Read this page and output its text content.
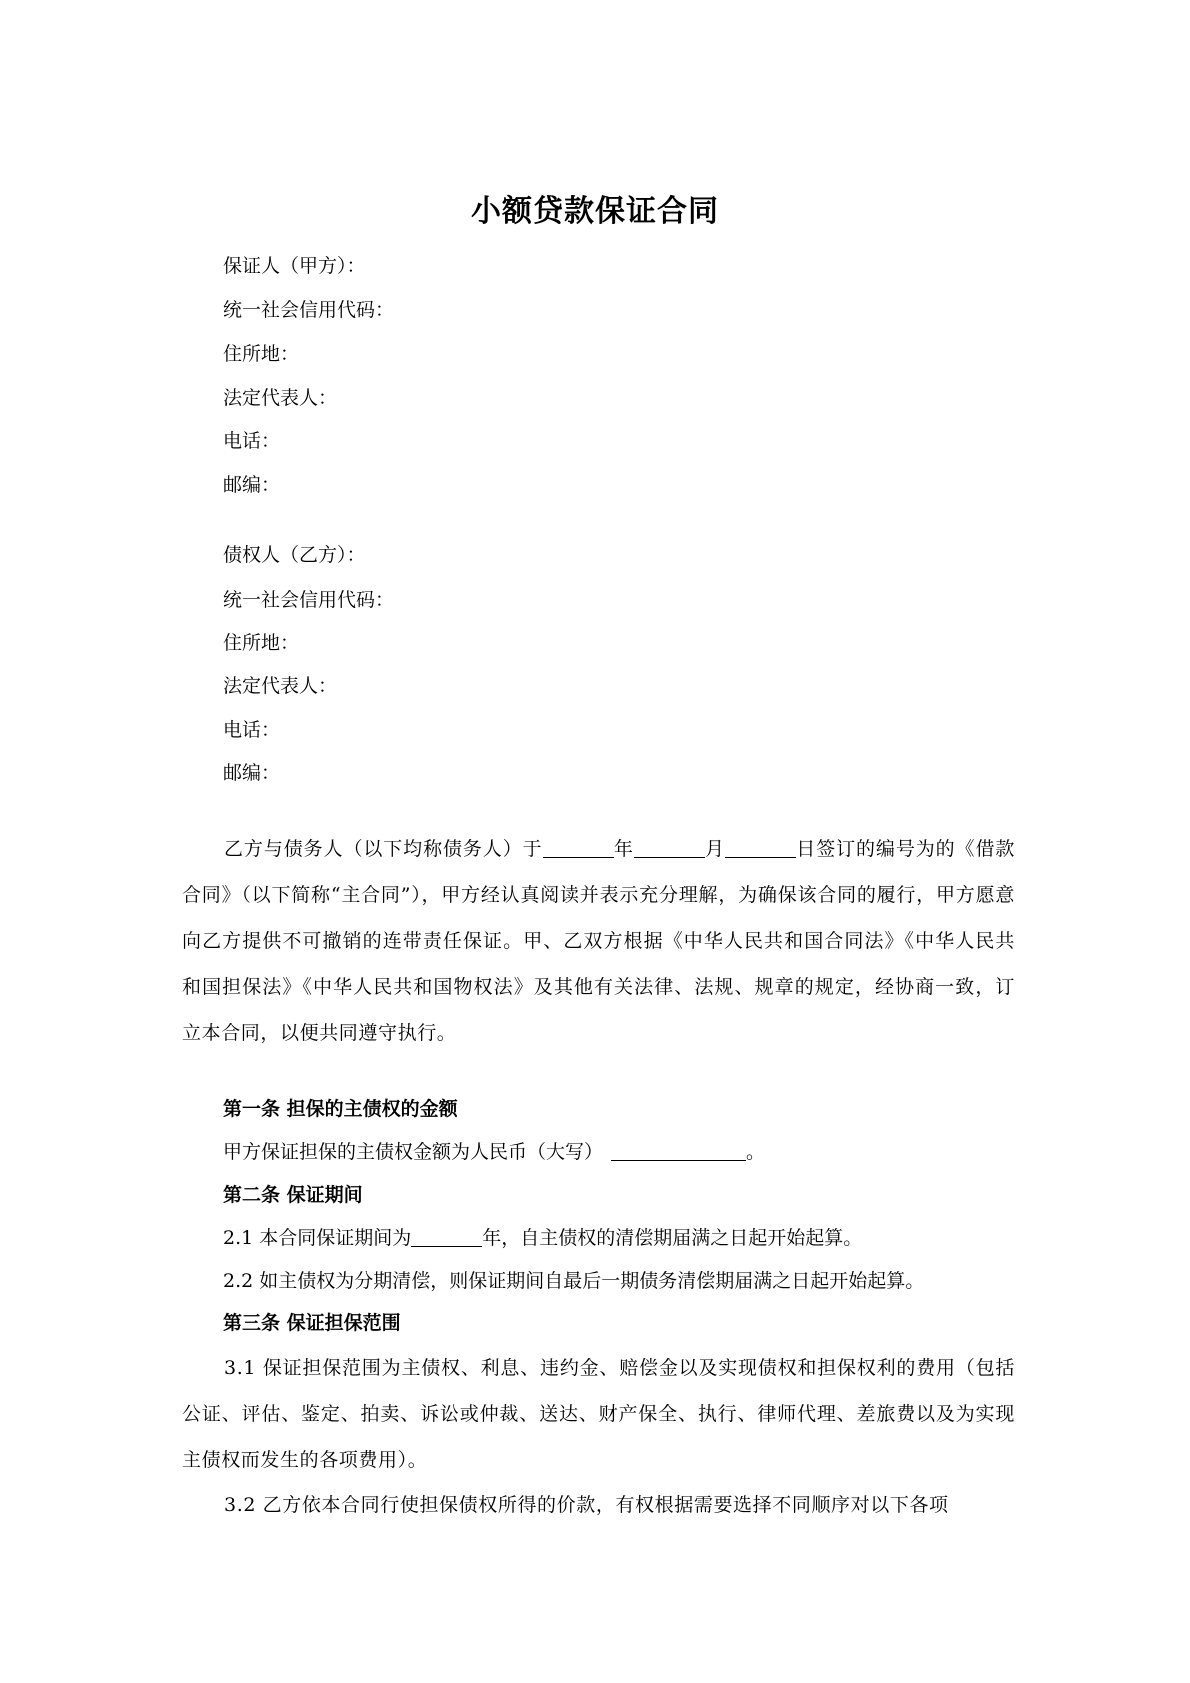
小额贷款保证合同
保证人（甲方）：
统一社会信用代码：
住所地：
法定代表人：
电话：
邮编：
债权人（乙方）：
统一社会信用代码：
住所地：
法定代表人：
电话：
邮编：
乙方与债务人（以下均称债务人）于	年	月	日签订的编号为的《借款合同》（以下简称“主合同”），甲方经认真阅读并表示充分理解，为确保该合同的履行，甲方愿意向乙方提供不可撤销的连带责任保证。甲、乙双方根据《中华人民共和国合同法》《中华人民共和国担保法》《中华人民共和国物权法》及其他有关法律、法规、规章的规定，经协商一致，订立本合同，以便共同遵守执行。
第一条 担保的主债权的金额
甲方保证担保的主债权金额为人民币（大写）	。
第二条 保证期间
2.1 本合同保证期间为	年，自主债权的清偿期届满之日起开始起算。
2.2 如主债权为分期清偿，则保证期间自最后一期债务清偿期届满之日起开始起算。
第三条 保证担保范围
3.1 保证担保范围为主债权、利息、违约金、赔偿金以及实现债权和担保权利的费用（包括公证、评估、鉴定、拍卖、诉讼或仲裁、送达、财产保全、执行、律师代理、差旅费以及为实现主债权而发生的各项费用）。
3.2 乙方依本合同行使担保债权所得的价款，有权根据需要选择不同顺序对以下各项
